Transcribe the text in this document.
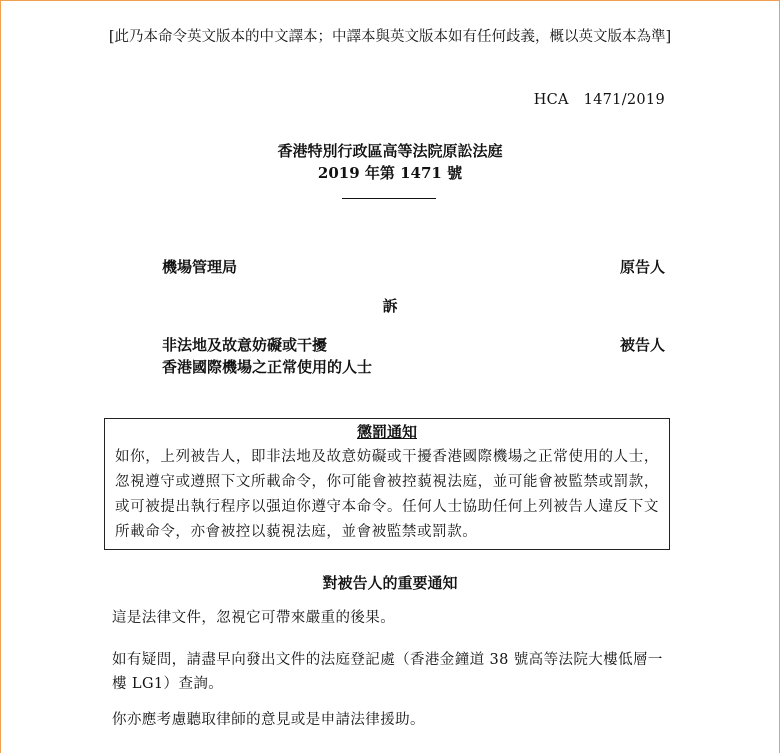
[此乃本命令英文版本的中文譯本；中譯本與英文版本如有任何歧義，概以英文版本為準]
HCA　1471/2019
香港特別行政區高等法院原訟法庭
2019 年第 1471 號
機場管理局	原告人
訴
非法地及故意妨礙或干擾
香港國際機場之正常使用的人士
被告人
懲罰通知
如你，上列被告人，即非法地及故意妨礙或干擾香港國際機場之正常使用的人士，忽視遵守或遵照下文所載命令，你可能會被控藐視法庭，並可能會被監禁或罰款，或可被提出執行程序以强迫你遵守本命令。任何人士協助任何上列被告人違反下文所載命令，亦會被控以藐視法庭，並會被監禁或罰款。
對被告人的重要通知
這是法律文件，忽視它可帶來嚴重的後果。
如有疑問，請盡早向發出文件的法庭登記處（香港金鐘道 38 號高等法院大樓低層一樓 LG1）查詢。
你亦應考慮聽取律師的意見或是申請法律援助。
